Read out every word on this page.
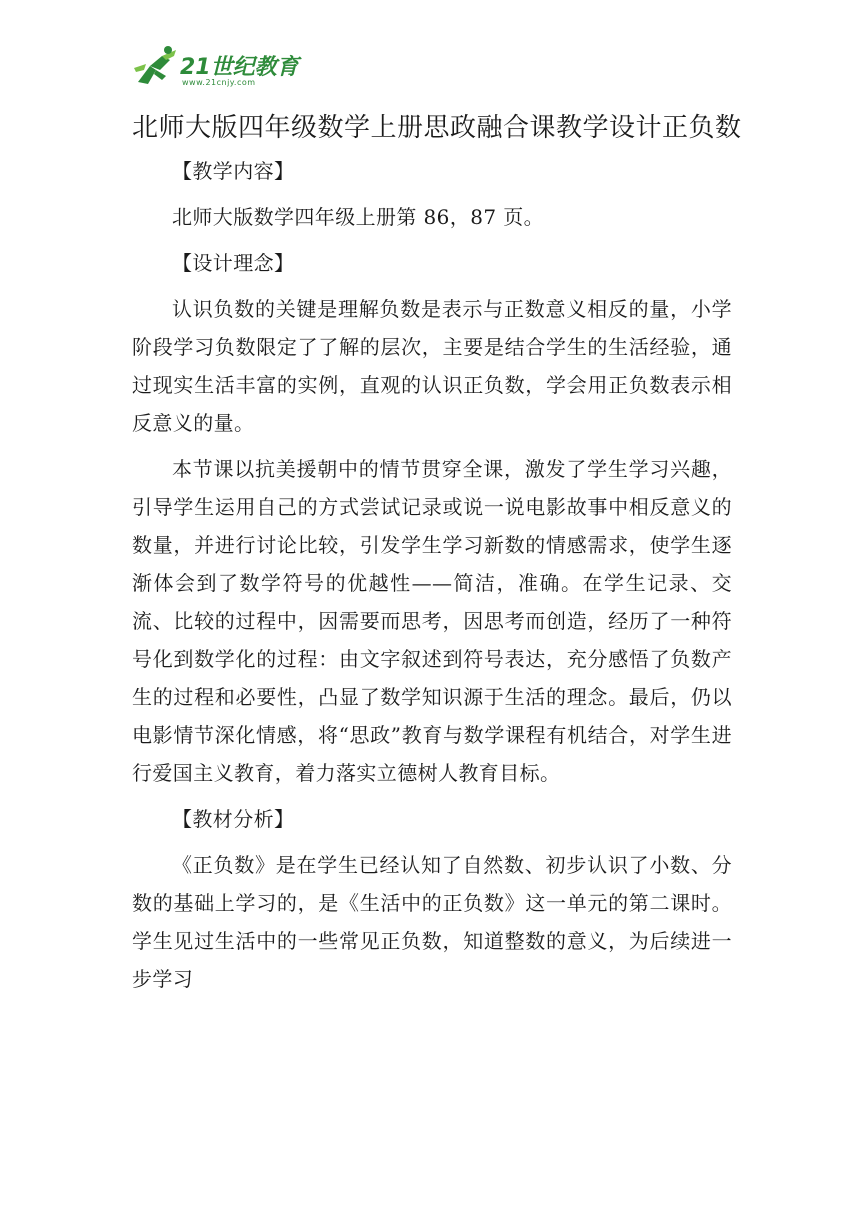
21世纪教育
www.21cnjy.com
北师大版四年级数学上册思政融合课教学设计正负数

【教学内容】

北师大版数学四年级上册第 86，87 页。

【设计理念】

认识负数的关键是理解负数是表示与正数意义相反的量，小学阶段学习负数限定了了解的层次，主要是结合学生的生活经验，通过现实生活丰富的实例，直观的认识正负数，学会用正负数表示相反意义的量。

本节课以抗美援朝中的情节贯穿全课，激发了学生学习兴趣，引导学生运用自己的方式尝试记录或说一说电影故事中相反意义的数量，并进行讨论比较，引发学生学习新数的情感需求，使学生逐渐体会到了数学符号的优越性——简洁，准确。在学生记录、交流、比较的过程中，因需要而思考，因思考而创造，经历了一种符号化到数学化的过程：由文字叙述到符号表达，充分感悟了负数产生的过程和必要性，凸显了数学知识源于生活的理念。最后，仍以电影情节深化情感，将“思政”教育与数学课程有机结合，对学生进行爱国主义教育，着力落实立德树人教育目标。

【教材分析】

《正负数》是在学生已经认知了自然数、初步认识了小数、分数的基础上学习的，是《生活中的正负数》这一单元的第二课时。学生见过生活中的一些常见正负数，知道整数的意义，为后续进一步学习
